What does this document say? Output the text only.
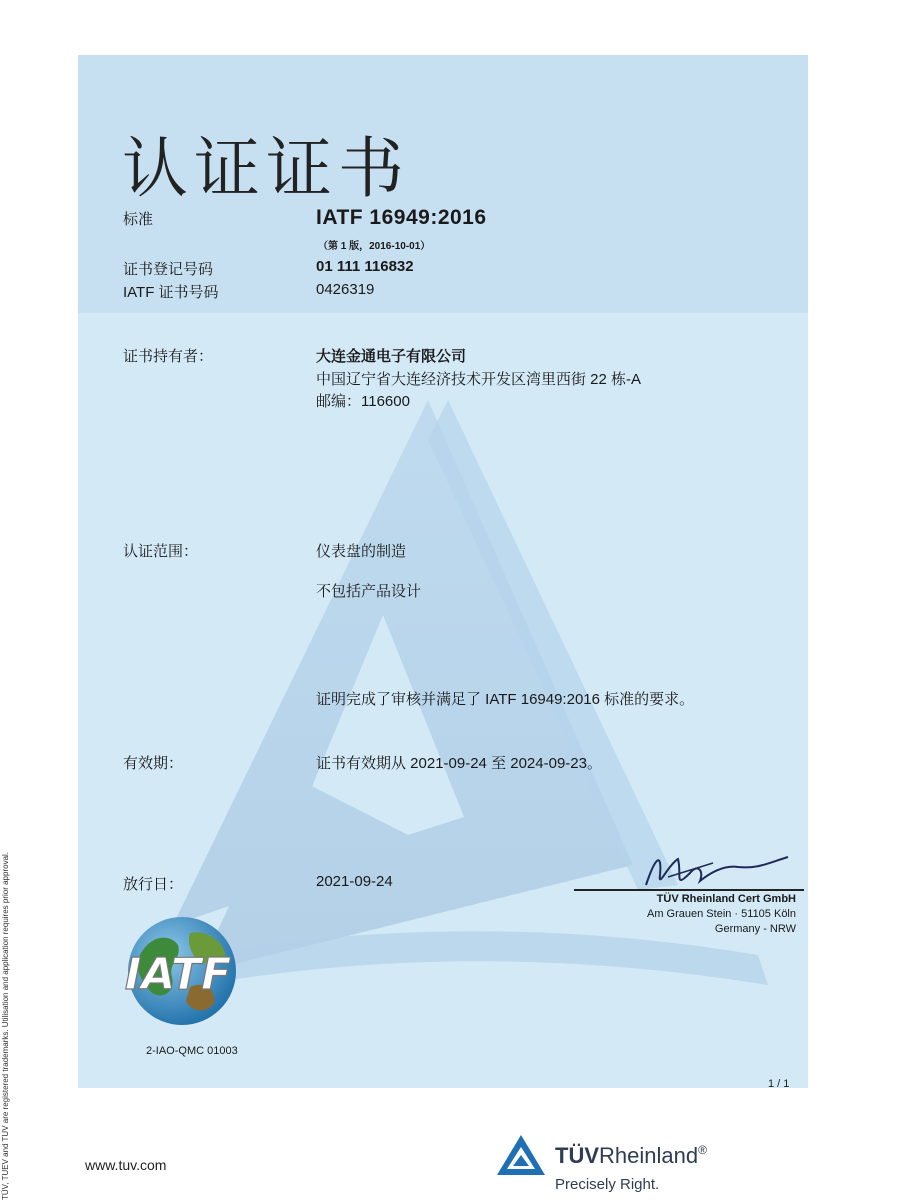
认证证书
标准	IATF 16949:2016
（第 1 版，2016-10-01）
证书登记号码	01 111 116832
IATF 证书号码	0426319
证书持有者：	大连金通电子有限公司
中国辽宁省大连经济技术开发区湾里西街 22 栋-A
邮编：116600
认证范围：	仪表盘的制造
不包括产品设计
证明完成了审核并满足了 IATF 16949:2016 标准的要求。
有效期：	证书有效期从 2021-09-24 至 2024-09-23。
放行日：	2021-09-24
TÜV Rheinland Cert GmbH
Am Grauen Stein · 51105 Köln
Germany - NRW
IATF
2-IAO-QMC 01003
1 / 1
TÜV, TUEV and TUV are registered trademarks. Utilisation and application requires prior approval.	www.tuv.com	TÜVRheinland®
Precisely Right.
